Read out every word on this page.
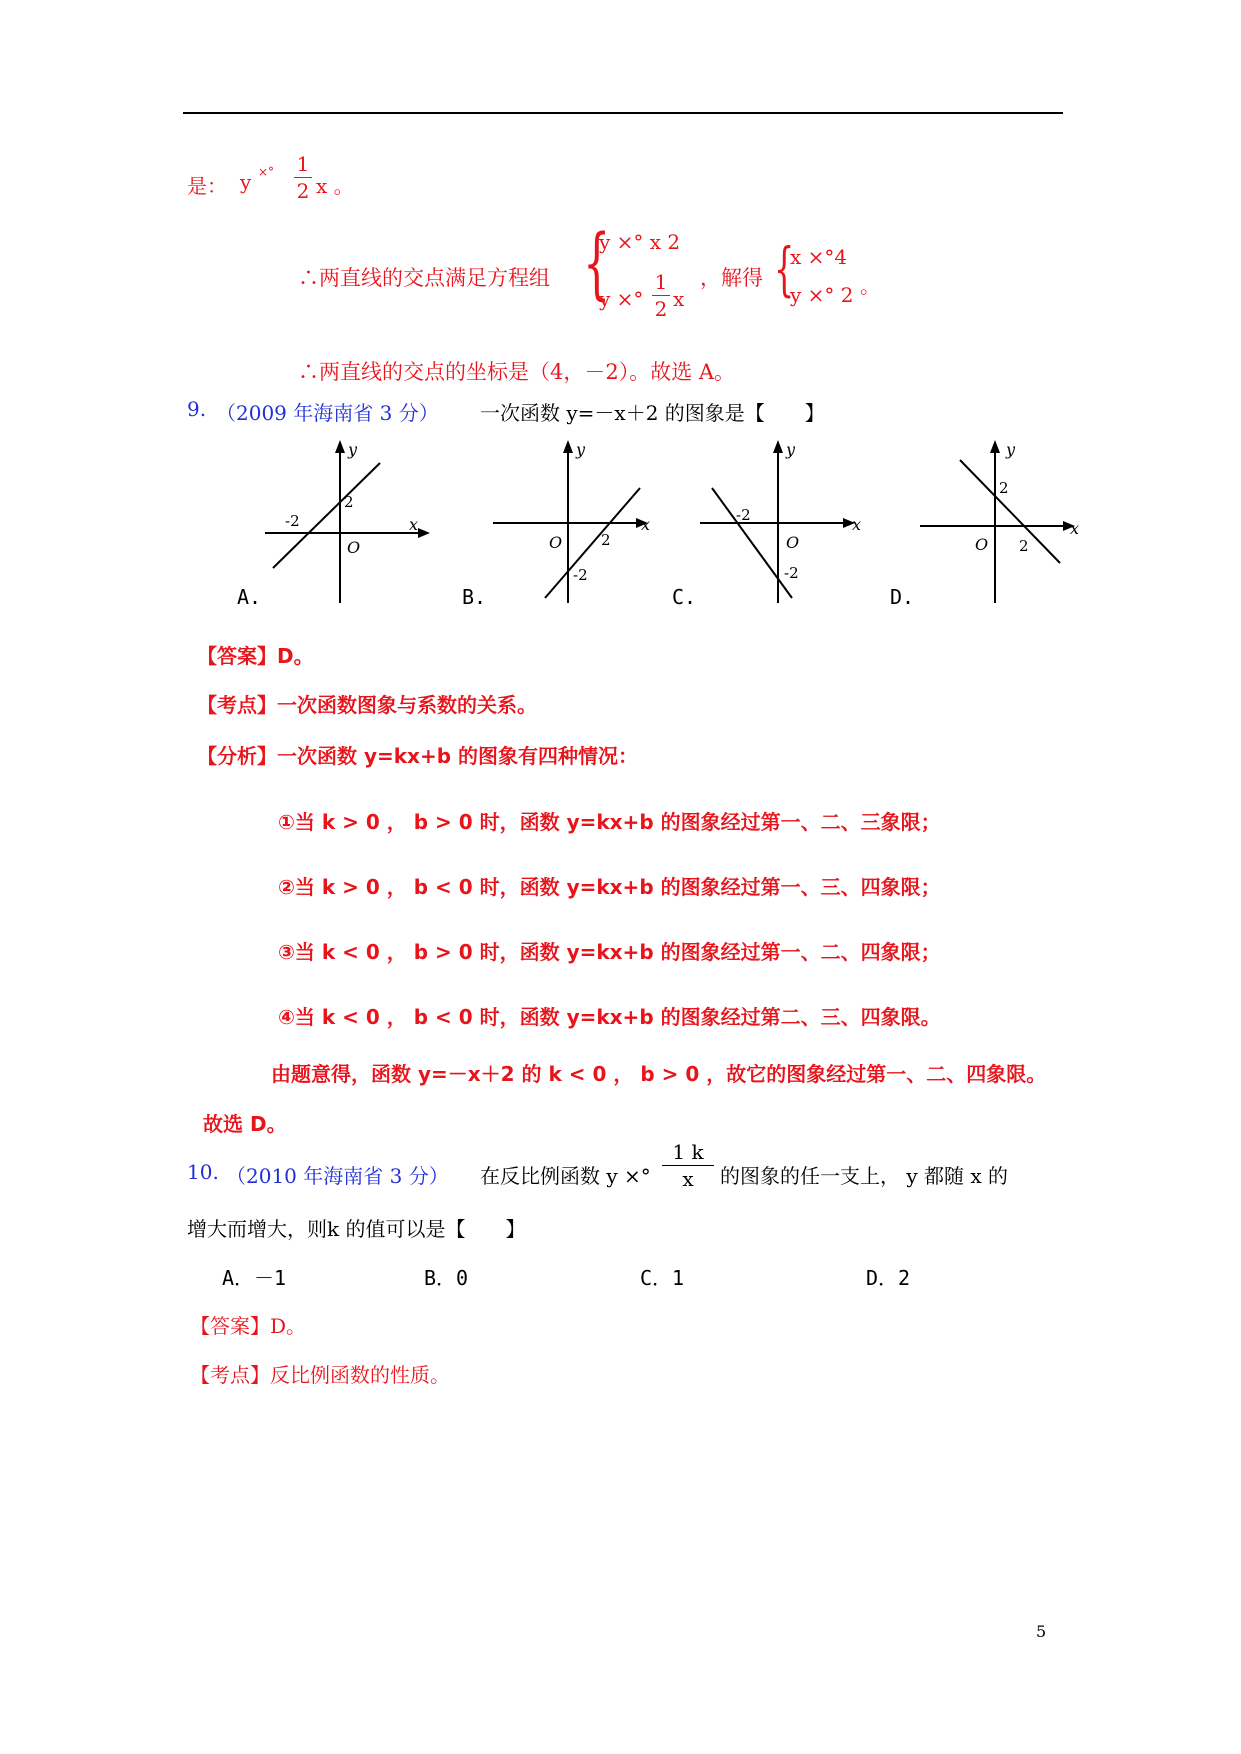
是： y ×° 1
2 x 。
∴两直线的交点满足方程组 {
y ×° x 2
y ×°
1
2 x
，解得 {
x ×°4
y ×° 2 。
∴两直线的交点的坐标是（4，－2）。故选 A。
9. （2009 年海南省 3 分） 一次函数 y=－x＋2 的图象是【　　】
y
x
O
-2
2
y
x
O	2
-2
y
x
O
-2
-2
y
x
O 2
2
A.	B.	C.	D.
【答案】D。
【考点】一次函数图象与系数的关系。
【分析】一次函数 y=kx+b 的图象有四种情况：
①当 k > 0 ， b > 0 时，函数 y=kx+b 的图象经过第一、二、三象限；
②当 k > 0 ， b < 0 时，函数 y=kx+b 的图象经过第一、三、四象限；
③当 k < 0 ， b > 0 时，函数 y=kx+b 的图象经过第一、二、四象限；
④当 k < 0 ， b < 0 时，函数 y=kx+b 的图象经过第二、三、四象限。
由题意得，函数 y=－x＋2 的 k < 0 ， b > 0 ，故它的图象经过第一、二、四象限。
故选 D。
10. （2010 年海南省 3 分） 在反比例函数 y ×°
1 k
x	的图象的任一支上， y 都随 x 的
增大而增大，则k 的值可以是【　　】
A．－1	B．0	C．1	D．2
【答案】D。
【考点】反比例函数的性质。
5
